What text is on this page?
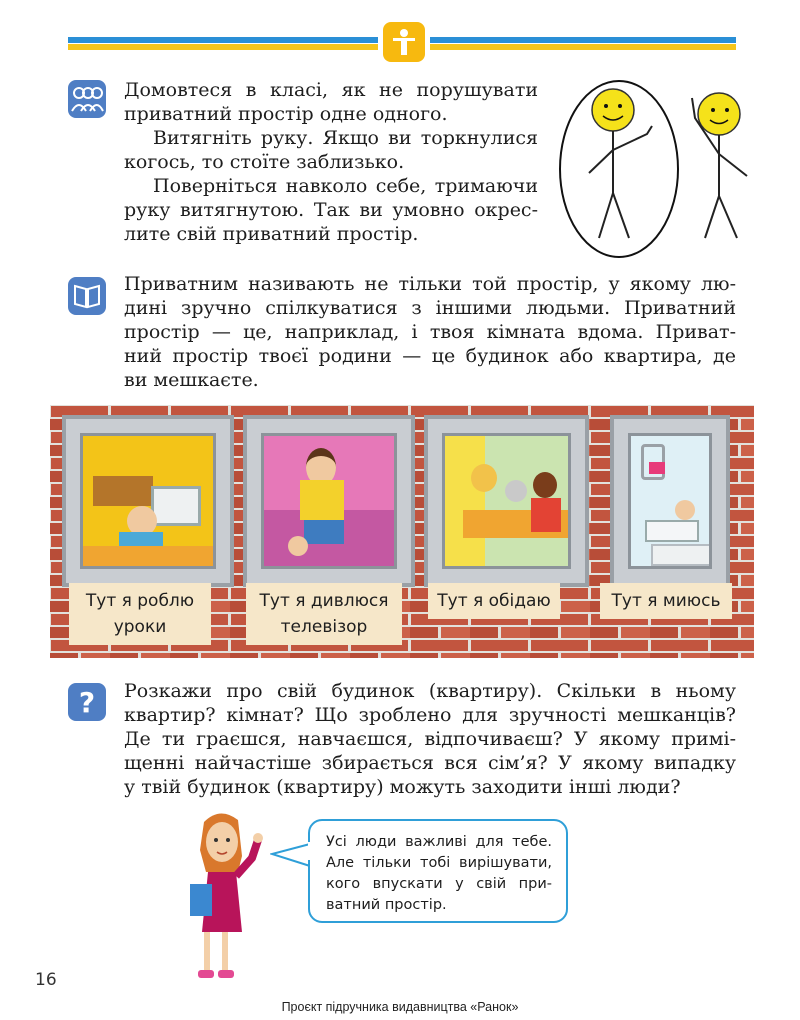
Домовтеся в класі, як не порушувати

приватний простір одне одного.

Витягніть руку. Якщо ви торкнулися

когось, то стоїте заблизько.

Поверніться навколо себе, тримаючи

руку витягнутою. Так ви умовно окрес-

лите свій приватний простір.

Приватним називають не тільки той простір, у якому лю-

дині зручно спілкуватися з іншими людьми. Приватний

простір — це, наприклад, і твоя кімната вдома. Приват-

ний простір твоєї родини — це будинок або квартира, де

ви мешкаєте.

Тут я роблю
уроки
Тут я дивлюся
телевізор
Тут я обідаю	Тут я миюсь
? Розкажи про свій будинок (квартиру). Скільки в ньому

квартир? кімнат? Що зроблено для зручності мешканців?

Де ти граєшся, навчаєшся, відпочиваєш? У якому примі-

щенні найчастіше збирається вся сім’я? У якому випадку

у твій будинок (квартиру) можуть заходити інші люди?

Усі люди важливі для тебе.
Але тільки тобі вирішувати,
кого впускати у свій при-
ватний простір.
16
Проєкт підручника видавництва «Ранок»
